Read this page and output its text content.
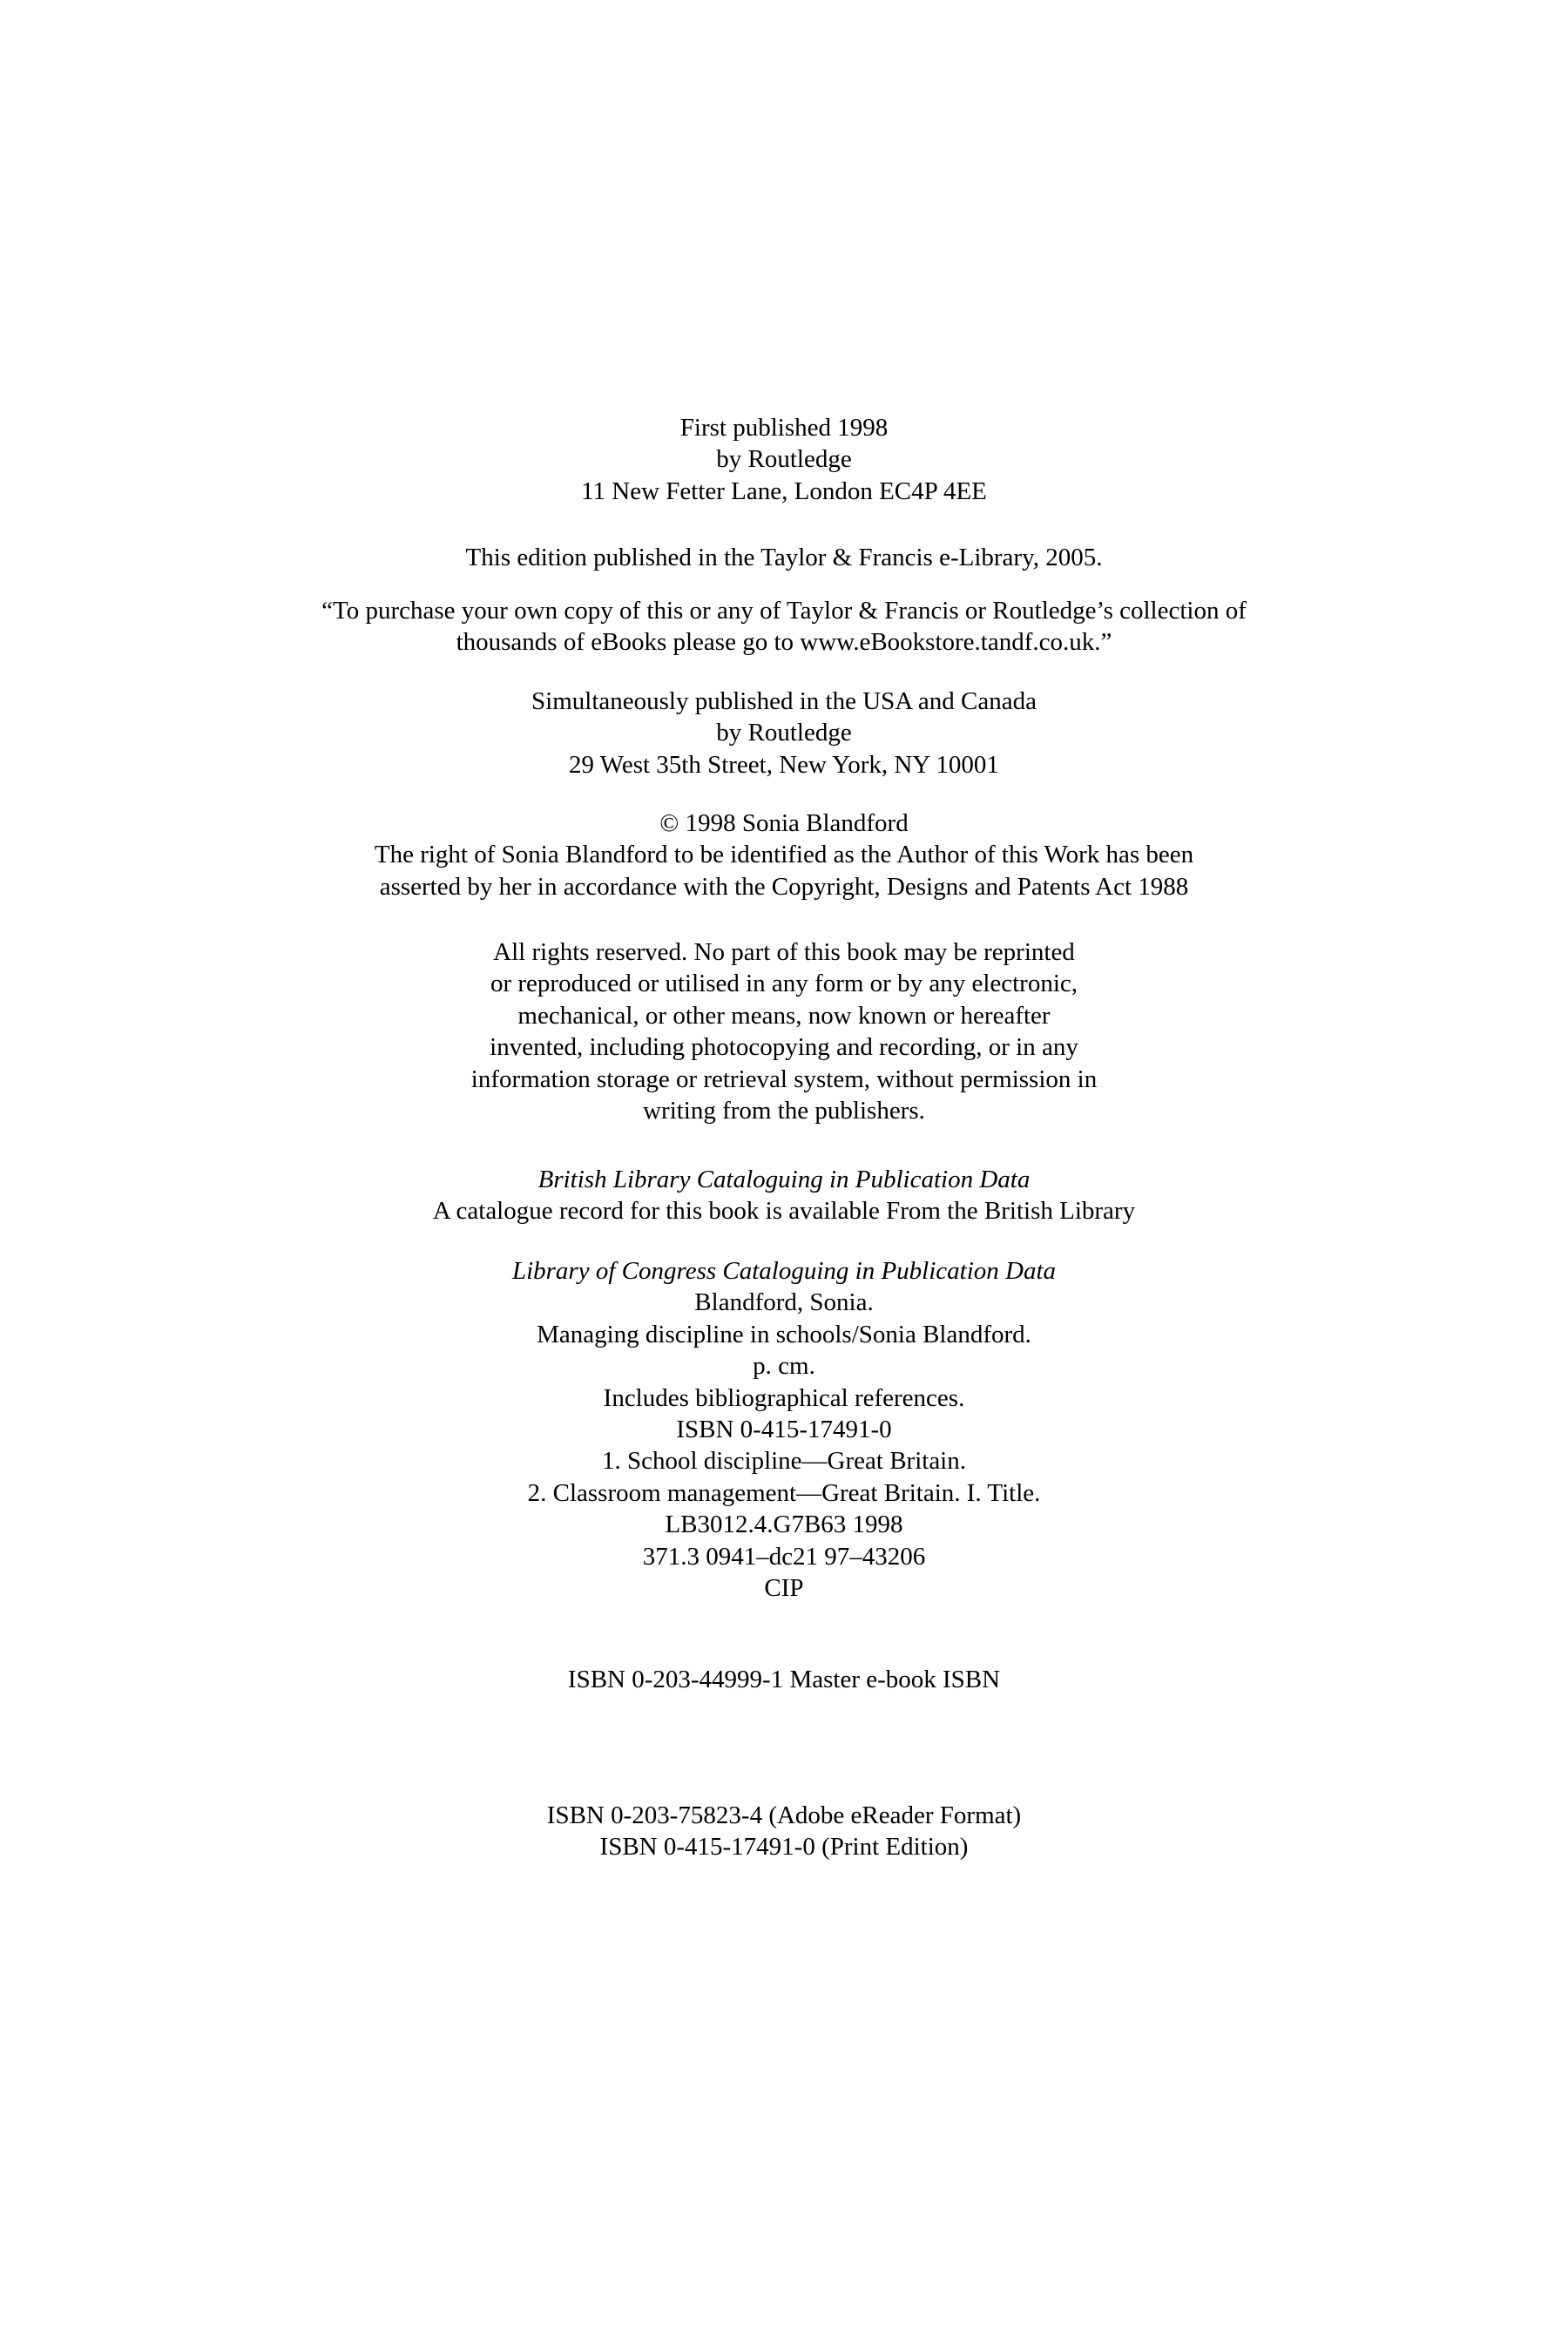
First published 1998
by Routledge
11 New Fetter Lane, London EC4P 4EE
This edition published in the Taylor & Francis e-Library, 2005.
“To purchase your own copy of this or any of Taylor & Francis or Routledge’s collection of
thousands of eBooks please go to www.eBookstore.tandf.co.uk.”
Simultaneously published in the USA and Canada
by Routledge
29 West 35th Street, New York, NY 10001
© 1998 Sonia Blandford
The right of Sonia Blandford to be identified as the Author of this Work has been
asserted by her in accordance with the Copyright, Designs and Patents Act 1988
All rights reserved. No part of this book may be reprinted
or reproduced or utilised in any form or by any electronic,
mechanical, or other means, now known or hereafter
invented, including photocopying and recording, or in any
information storage or retrieval system, without permission in
writing from the publishers.
British Library Cataloguing in Publication Data
A catalogue record for this book is available From the British Library
Library of Congress Cataloguing in Publication Data
Blandford, Sonia.
Managing discipline in schools/Sonia Blandford.
p. cm.
Includes bibliographical references.
ISBN 0-415-17491-0
1. School discipline—Great Britain.
2. Classroom management—Great Britain. I. Title.
LB3012.4.G7B63 1998
371.3 0941–dc21 97–43206
CIP
ISBN 0-203-44999-1 Master e-book ISBN
ISBN 0-203-75823-4 (Adobe eReader Format)
ISBN 0-415-17491-0 (Print Edition)
